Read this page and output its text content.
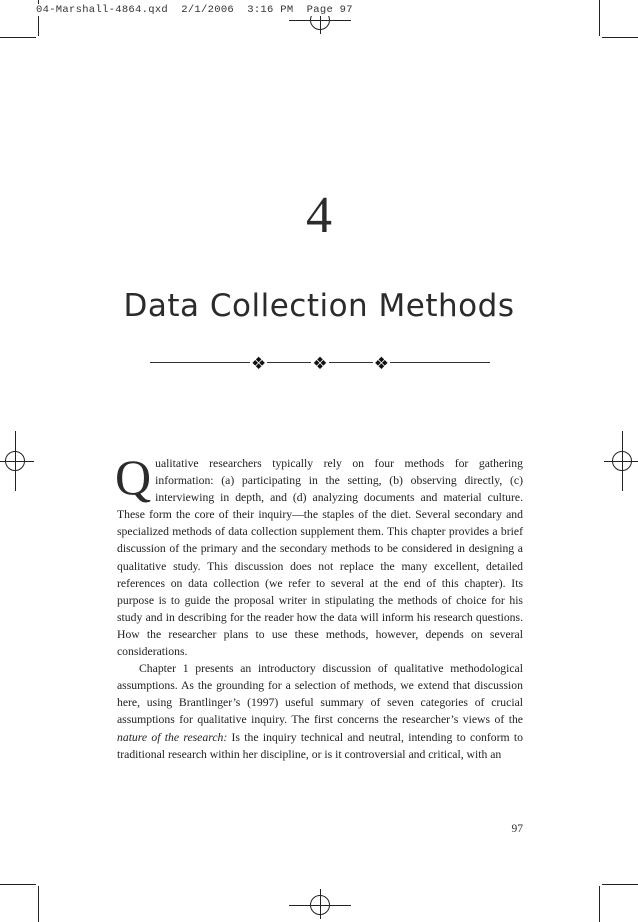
04-Marshall-4864.qxd  2/1/2006  3:16 PM  Page 97
4
Data Collection Methods
❖	❖	❖

Qualitative researchers typically rely on four methods for gathering information: (a) participating in the setting, (b) observing directly, (c) interviewing in depth, and (d) analyzing documents and material culture. These form the core of their inquiry—the staples of the diet. Several secondary and specialized methods of data collection supplement them. This chapter provides a brief discussion of the primary and the secondary methods to be considered in designing a qualitative study. This discussion does not replace the many excellent, detailed references on data collection (we refer to several at the end of this chapter). Its purpose is to guide the proposal writer in stipulating the methods of choice for his study and in describing for the reader how the data will inform his research questions. How the researcher plans to use these methods, however, depends on several considerations.

Chapter 1 presents an introductory discussion of qualitative methodological assumptions. As the grounding for a selection of methods, we extend that discussion here, using Brantlinger’s (1997) useful summary of seven categories of crucial assumptions for qualitative inquiry. The first concerns the researcher’s views of the nature of the research: Is the inquiry technical and neutral, intending to conform to traditional research within her discipline, or is it controversial and critical, with an

97
